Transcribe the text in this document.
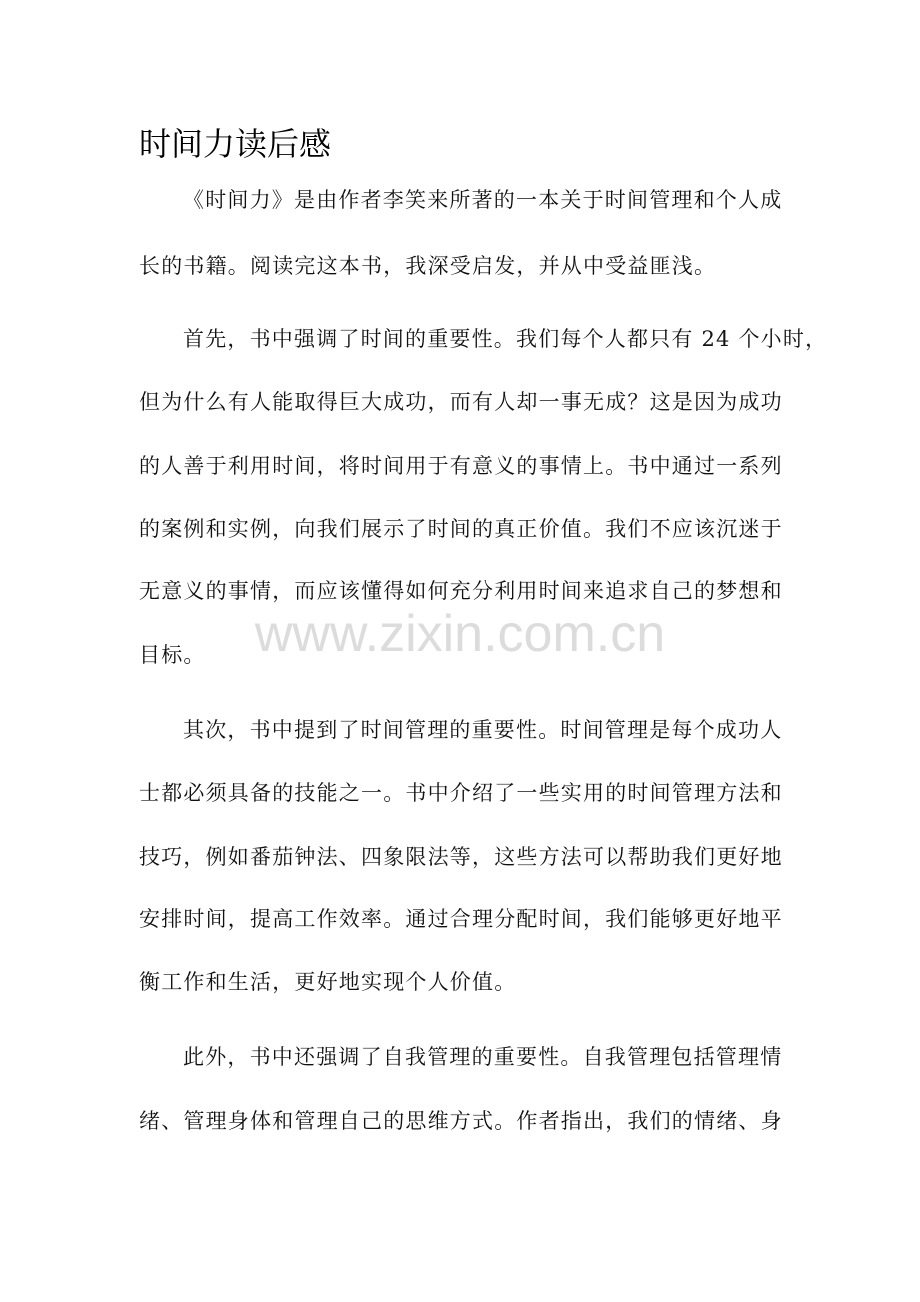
时间力读后感

《时间力》是由作者李笑来所著的一本关于时间管理和个人成

长的书籍。阅读完这本书，我深受启发，并从中受益匪浅。

首先，书中强调了时间的重要性。我们每个人都只有 24 个小时，

但为什么有人能取得巨大成功，而有人却一事无成？这是因为成功

的人善于利用时间，将时间用于有意义的事情上。书中通过一系列

的案例和实例，向我们展示了时间的真正价值。我们不应该沉迷于

无意义的事情，而应该懂得如何充分利用时间来追求自己的梦想和

目标。

其次，书中提到了时间管理的重要性。时间管理是每个成功人

士都必须具备的技能之一。书中介绍了一些实用的时间管理方法和

技巧，例如番茄钟法、四象限法等，这些方法可以帮助我们更好地

安排时间，提高工作效率。通过合理分配时间，我们能够更好地平

衡工作和生活，更好地实现个人价值。

此外，书中还强调了自我管理的重要性。自我管理包括管理情

绪、管理身体和管理自己的思维方式。作者指出，我们的情绪、身

www.zixin.com.cn
